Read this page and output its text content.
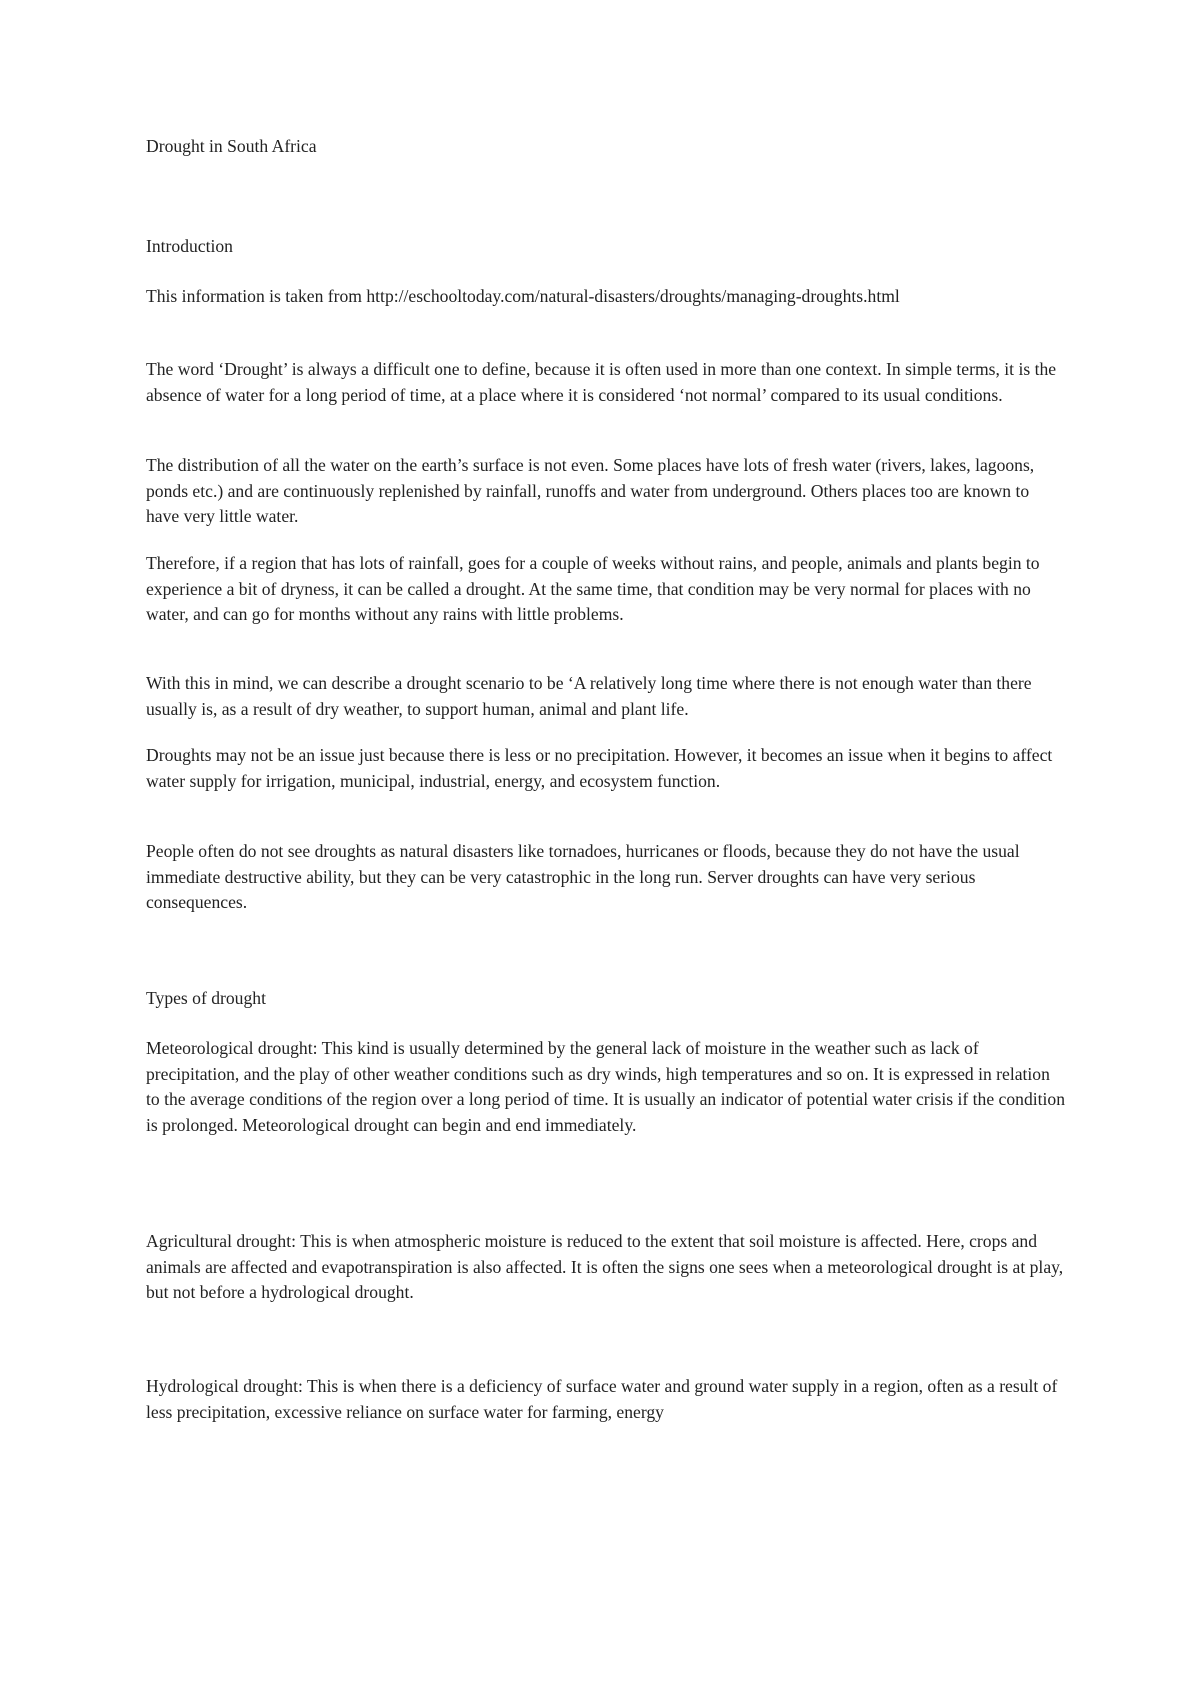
Drought in South Africa

Introduction

This information is taken from http://eschooltoday.com/natural-disasters/droughts/managing-droughts.html

The word ‘Drought’ is always a difficult one to define, because it is often used in more than one context. In simple terms, it is the absence of water for a long period of time, at a place where it is considered ‘not normal’ compared to its usual conditions.

The distribution of all the water on the earth’s surface is not even. Some places have lots of fresh water (rivers, lakes, lagoons, ponds etc.) and are continuously replenished by rainfall, runoffs and water from underground. Others places too are known to have very little water.

Therefore, if a region that has lots of rainfall, goes for a couple of weeks without rains, and people, animals and plants begin to experience a bit of dryness, it can be called a drought. At the same time, that condition may be very normal for places with no water, and can go for months without any rains with little problems.

With this in mind, we can describe a drought scenario to be ‘A relatively long time where there is not enough water than there usually is, as a result of dry weather, to support human, animal and plant life.

Droughts may not be an issue just because there is less or no precipitation. However, it becomes an issue when it begins to affect water supply for irrigation, municipal, industrial, energy, and ecosystem function.

People often do not see droughts as natural disasters like tornadoes, hurricanes or floods, because they do not have the usual immediate destructive ability, but they can be very catastrophic in the long run. Server droughts can have very serious consequences.

Types of drought

Meteorological drought: This kind is usually determined by the general lack of moisture in the weather such as lack of precipitation, and the play of other weather conditions such as dry winds, high temperatures and so on. It is expressed in relation to the average conditions of the region over a long period of time. It is usually an indicator of potential water crisis if the condition is prolonged. Meteorological drought can begin and end immediately.

Agricultural drought: This is when atmospheric moisture is reduced to the extent that soil moisture is affected. Here, crops and animals are affected and evapotranspiration is also affected. It is often the signs one sees when a meteorological drought is at play, but not before a hydrological drought.

Hydrological drought: This is when there is a deficiency of surface water and ground water supply in a region, often as a result of less precipitation, excessive reliance on surface water for farming, energy
